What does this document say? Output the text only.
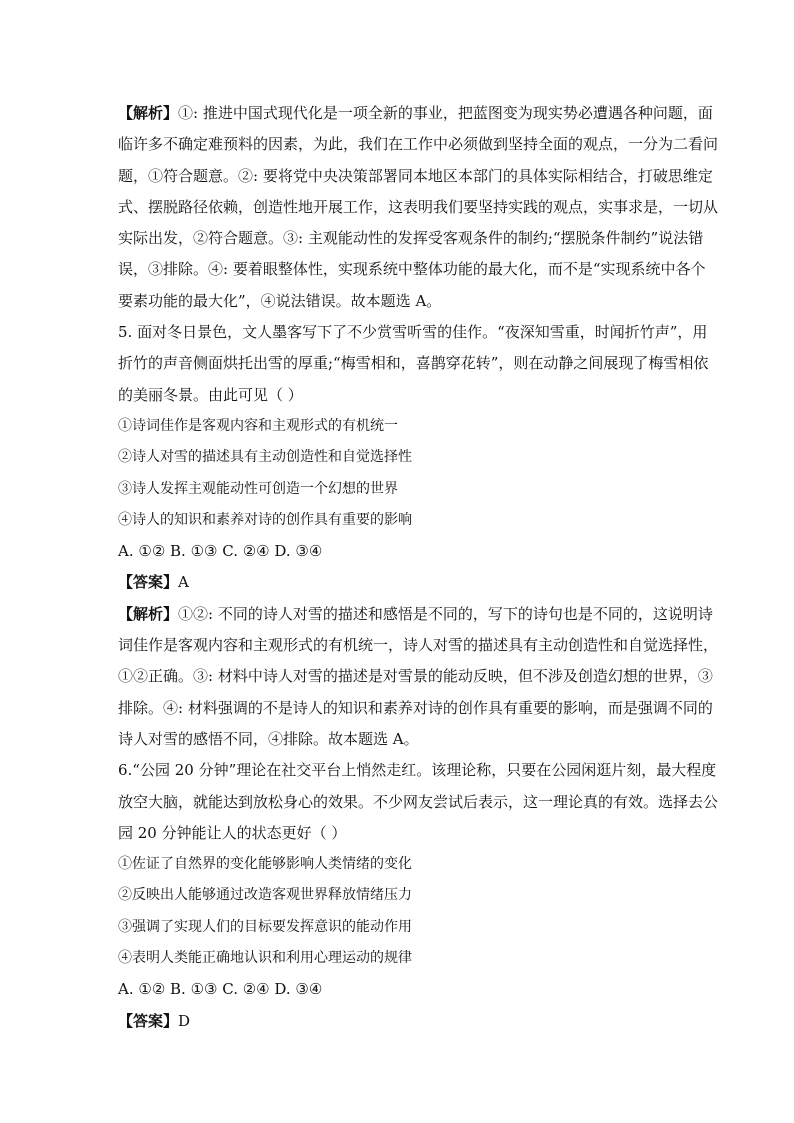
【解析】①: 推进中国式现代化是一项全新的事业，把蓝图变为现实势必遭遇各种问题，面
临许多不确定难预料的因素，为此，我们在工作中必须做到坚持全面的观点，一分为二看问
题，①符合题意。②: 要将党中央决策部署同本地区本部门的具体实际相结合，打破思维定
式、摆脱路径依赖，创造性地开展工作，这表明我们要坚持实践的观点，实事求是，一切从
实际出发，②符合题意。③: 主观能动性的发挥受客观条件的制约;“摆脱条件制约”说法错
误，③排除。④: 要着眼整体性，实现系统中整体功能的最大化，而不是“实现系统中各个
要素功能的最大化”，④说法错误。故本题选 A。
5. 面对冬日景色，文人墨客写下了不少赏雪听雪的佳作。“夜深知雪重，时闻折竹声”，用
折竹的声音侧面烘托出雪的厚重;“梅雪相和，喜鹊穿花转”，则在动静之间展现了梅雪相依
的美丽冬景。由此可见（ ）
①诗词佳作是客观内容和主观形式的有机统一
②诗人对雪的描述具有主动创造性和自觉选择性
③诗人发挥主观能动性可创造一个幻想的世界
④诗人的知识和素养对诗的创作具有重要的影响
A. ①② B. ①③ C. ②④ D. ③④
【答案】A
【解析】①②: 不同的诗人对雪的描述和感悟是不同的，写下的诗句也是不同的，这说明诗
词佳作是客观内容和主观形式的有机统一，诗人对雪的描述具有主动创造性和自觉选择性，
①②正确。③: 材料中诗人对雪的描述是对雪景的能动反映，但不涉及创造幻想的世界，③
排除。④: 材料强调的不是诗人的知识和素养对诗的创作具有重要的影响，而是强调不同的
诗人对雪的感悟不同，④排除。故本题选 A。
6.“公园 20 分钟”理论在社交平台上悄然走红。该理论称，只要在公园闲逛片刻，最大程度
放空大脑，就能达到放松身心的效果。不少网友尝试后表示，这一理论真的有效。选择去公
园 20 分钟能让人的状态更好（ ）
①佐证了自然界的变化能够影响人类情绪的变化
②反映出人能够通过改造客观世界释放情绪压力
③强调了实现人们的目标要发挥意识的能动作用
④表明人类能正确地认识和利用心理运动的规律
A. ①② B. ①③ C. ②④ D. ③④
【答案】D
